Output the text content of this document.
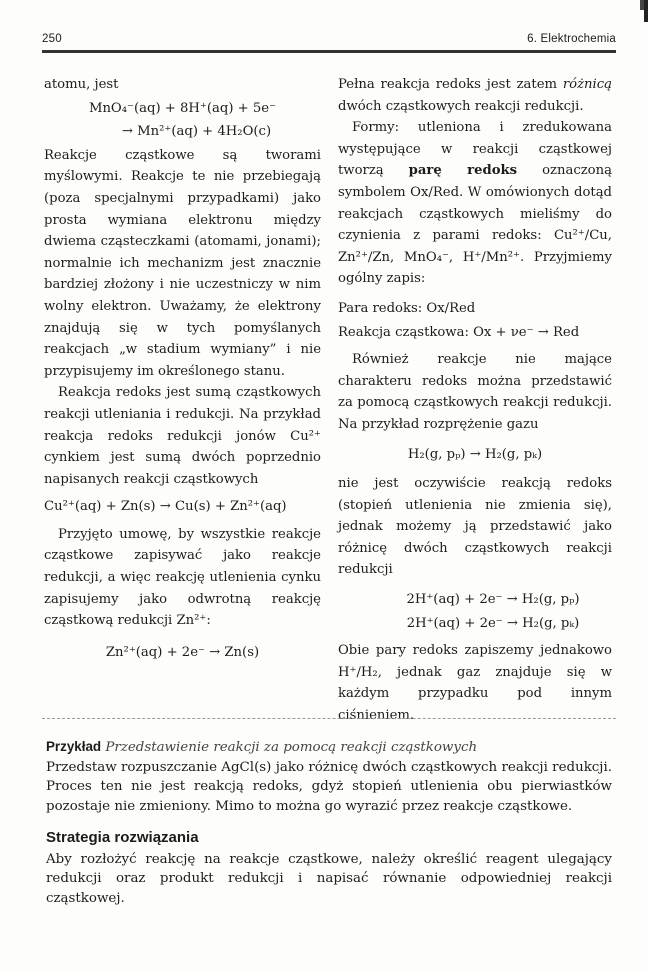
250	6. Elektrochemia

atomu, jest

MnO₄⁻(aq) + 8H⁺(aq) + 5e⁻
→ Mn²⁺(aq) + 4H₂O(c)

Reakcje cząstkowe są tworami myślowymi. Reakcje te nie przebiegają (poza specjalnymi przypadkami) jako prosta wymiana elektronu między dwiema cząsteczkami (atomami, jonami); normalnie ich mechanizm jest znacznie bardziej złożony i nie uczestniczy w nim wolny elektron. Uważamy, że elektrony znajdują się w tych pomyślanych reakcjach „w stadium wymiany” i nie przypisujemy im określonego stanu.

Reakcja redoks jest sumą cząstkowych reakcji utleniania i redukcji. Na przykład reakcja redoks redukcji jonów Cu²⁺ cynkiem jest sumą dwóch poprzednio napisanych reakcji cząstkowych

Cu²⁺(aq) + Zn(s) → Cu(s) + Zn²⁺(aq)

Przyjęto umowę, by wszystkie reakcje cząstkowe zapisywać jako reakcje redukcji, a więc reakcję utlenienia cynku zapisujemy jako odwrotną reakcję cząstkową redukcji Zn²⁺:

Zn²⁺(aq) + 2e⁻ → Zn(s)

Pełna reakcja redoks jest zatem różnicą dwóch cząstkowych reakcji redukcji.

Formy: utleniona i zredukowana występujące w reakcji cząstkowej tworzą parę redoks oznaczoną symbolem Ox/Red. W omówionych dotąd reakcjach cząstkowych mieliśmy do czynienia z parami redoks: Cu²⁺/Cu, Zn²⁺/Zn, MnO₄⁻, H⁺/Mn²⁺. Przyjmiemy ogólny zapis:

Para redoks: Ox/Red
Reakcja cząstkowa: Ox + νe⁻ → Red

Również reakcje nie mające charakteru redoks można przedstawić za pomocą cząstkowych reakcji redukcji. Na przykład rozprężenie gazu

H₂(g, pₚ) → H₂(g, pₖ)

nie jest oczywiście reakcją redoks (stopień utlenienia nie zmienia się), jednak możemy ją przedstawić jako różnicę dwóch cząstkowych reakcji redukcji

2H⁺(aq) + 2e⁻ → H₂(g, pₚ)
2H⁺(aq) + 2e⁻ → H₂(g, pₖ)

Obie pary redoks zapiszemy jednakowo H⁺/H₂, jednak gaz znajduje się w każdym przypadku pod innym ciśnieniem.

Przykład Przedstawienie reakcji za pomocą reakcji cząstkowych

Przedstaw rozpuszczanie AgCl(s) jako różnicę dwóch cząstkowych reakcji redukcji. Proces ten nie jest reakcją redoks, gdyż stopień utlenienia obu pierwiastków pozostaje nie zmieniony. Mimo to można go wyrazić przez reakcje cząstkowe.

Strategia rozwiązania

Aby rozłożyć reakcję na reakcje cząstkowe, należy określić reagent ulegający redukcji oraz produkt redukcji i napisać równanie odpowiedniej reakcji cząstkowej.
